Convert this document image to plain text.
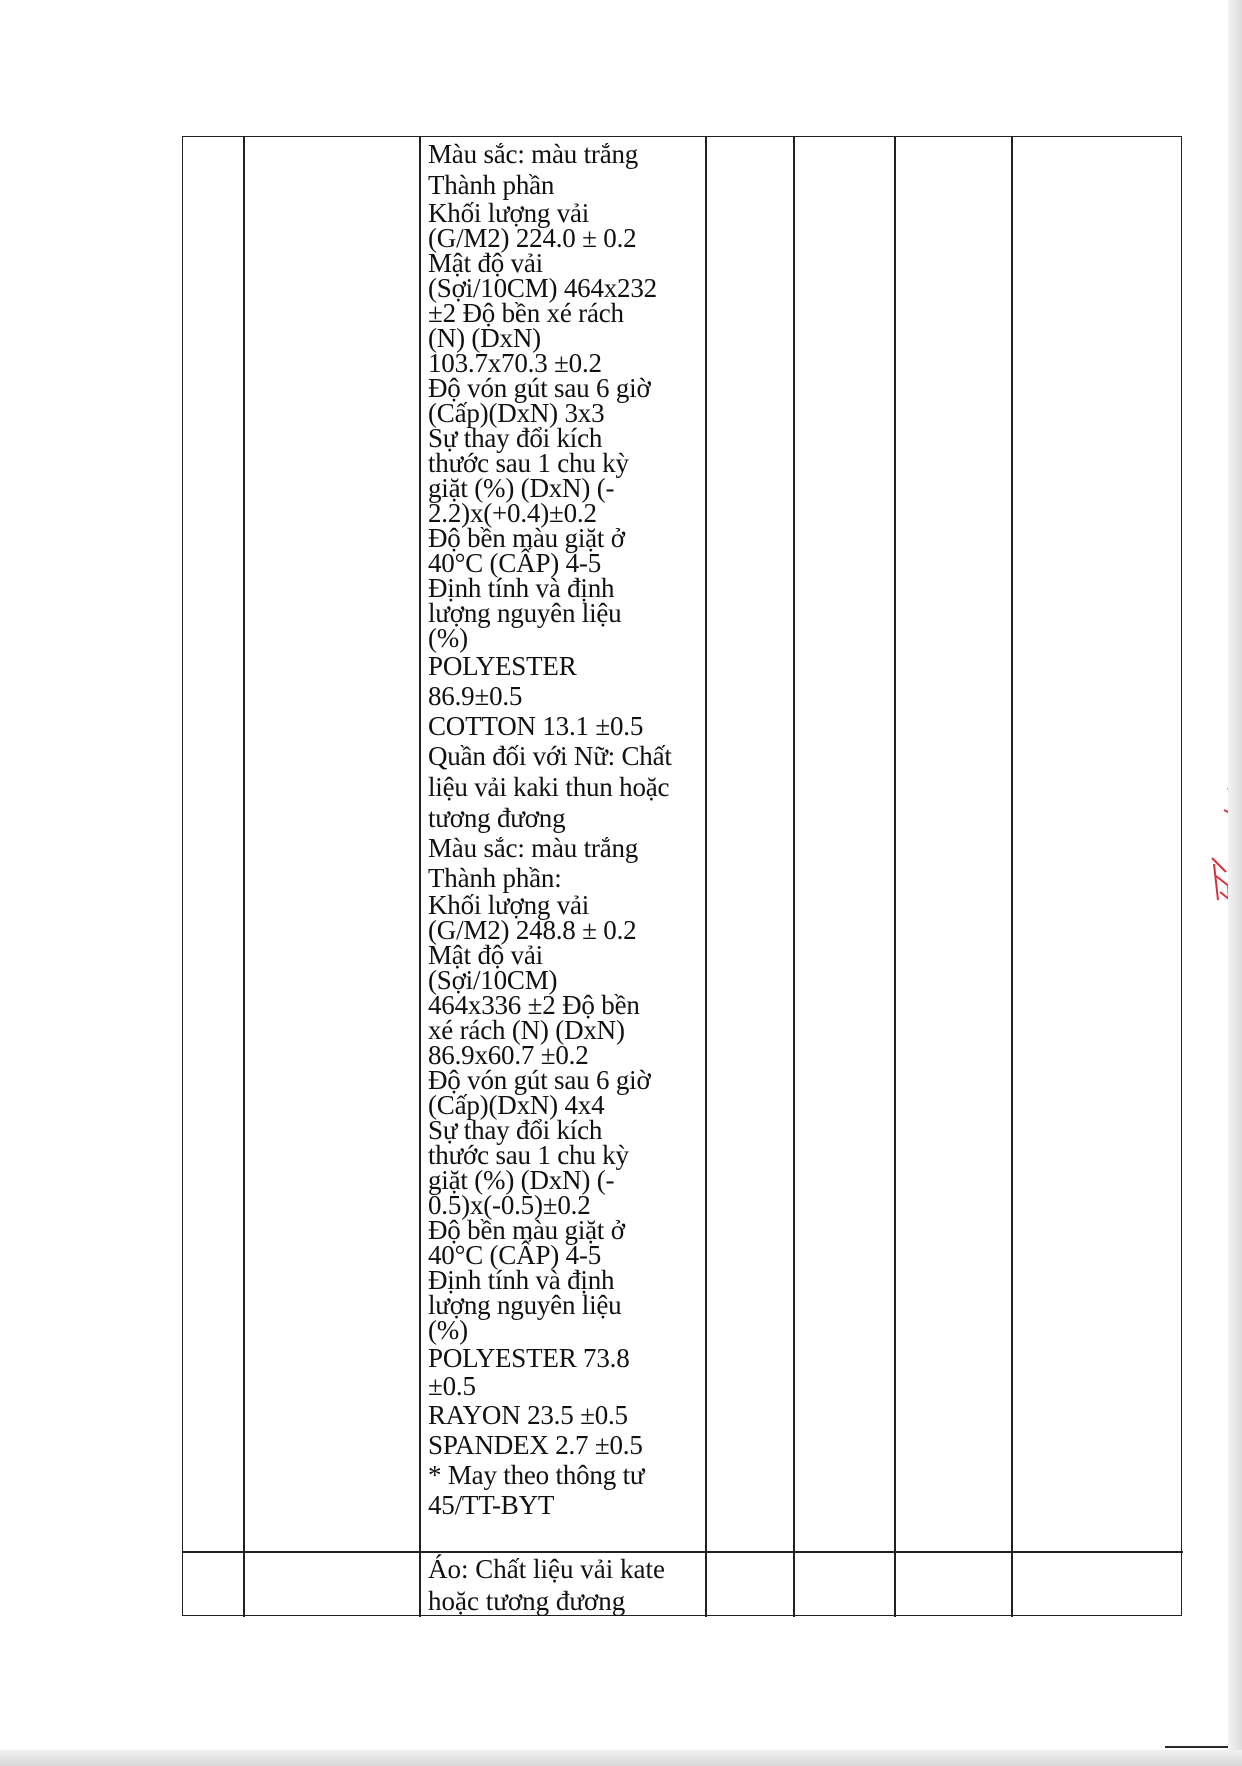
Màu sắc: màu trắng
Thành phần
Khối lượng vải
(G/M2) 224.0 ± 0.2
Mật độ vải
(Sợi/10CM) 464x232
±2 Độ bền xé rách
(N) (DxN)
103.7x70.3 ±0.2
Độ vón gút sau 6 giờ
(Cấp)(DxN) 3x3
Sự thay đổi kích
thước sau 1 chu kỳ
giặt (%) (DxN) (-
2.2)x(+0.4)±0.2
Độ bền màu giặt ở
40°C (CẤP) 4-5
Định tính và định
lượng nguyên liệu
(%)
POLYESTER
86.9±0.5
COTTON 13.1 ±0.5
Quần đối với Nữ: Chất
liệu vải kaki thun hoặc
tương đương
Màu sắc: màu trắng
Thành phần:
Khối lượng vải
(G/M2) 248.8 ± 0.2
Mật độ vải
(Sợi/10CM)
464x336 ±2 Độ bền
xé rách (N) (DxN)
86.9x60.7 ±0.2
Độ vón gút sau 6 giờ
(Cấp)(DxN) 4x4
Sự thay đổi kích
thước sau 1 chu kỳ
giặt (%) (DxN) (-
0.5)x(-0.5)±0.2
Độ bền màu giặt ở
40°C (CẤP) 4-5
Định tính và định
lượng nguyên liệu
(%)
POLYESTER 73.8
±0.5
RAYON 23.5 ±0.5
SPANDEX 2.7 ±0.5
* May theo thông tư
45/TT-BYT
Áo: Chất liệu vải kate
hoặc tương đương
